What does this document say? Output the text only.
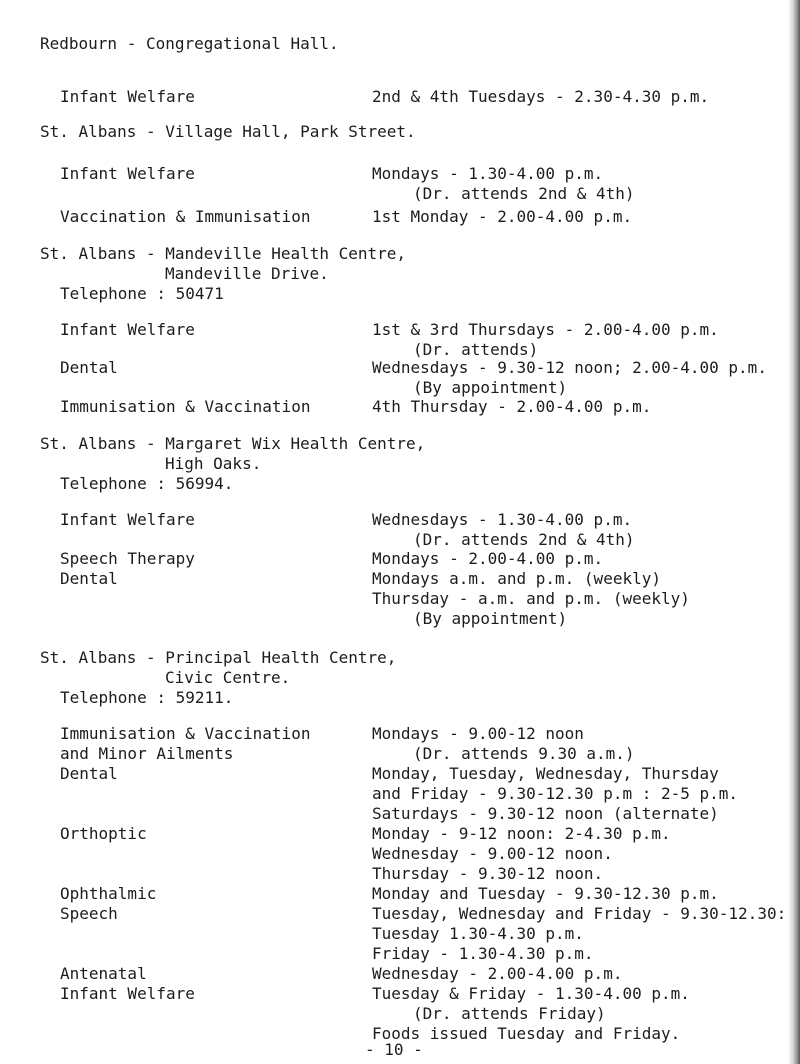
Redbourn - Congregational Hall.
Infant Welfare	2nd & 4th Tuesdays - 2.30-4.30 p.m.
St. Albans - Village Hall, Park Street.
Infant Welfare	Mondays - 1.30-4.00 p.m.
(Dr. attends 2nd & 4th)
Vaccination & Immunisation	1st Monday - 2.00-4.00 p.m.
St. Albans - Mandeville Health Centre,
Mandeville Drive.
Telephone : 50471
Infant Welfare	1st & 3rd Thursdays - 2.00-4.00 p.m.
(Dr. attends)
Dental	Wednesdays - 9.30-12 noon; 2.00-4.00 p.m.
(By appointment)
Immunisation & Vaccination	4th Thursday - 2.00-4.00 p.m.
St. Albans - Margaret Wix Health Centre,
High Oaks.
Telephone : 56994.
Infant Welfare	Wednesdays - 1.30-4.00 p.m.
(Dr. attends 2nd & 4th)
Speech Therapy	Mondays - 2.00-4.00 p.m.
Dental	Mondays a.m. and p.m. (weekly)
Thursday - a.m. and p.m. (weekly)
(By appointment)
St. Albans - Principal Health Centre,
Civic Centre.
Telephone : 59211.
Immunisation & Vaccination	Mondays - 9.00-12 noon
and Minor Ailments	(Dr. attends 9.30 a.m.)
Dental	Monday, Tuesday, Wednesday, Thursday
and Friday - 9.30-12.30 p.m : 2-5 p.m.
Saturdays - 9.30-12 noon (alternate)
Orthoptic	Monday - 9-12 noon: 2-4.30 p.m.
Wednesday - 9.00-12 noon.
Thursday - 9.30-12 noon.
Ophthalmic	Monday and Tuesday - 9.30-12.30 p.m.
Speech	Tuesday, Wednesday and Friday - 9.30-12.30:
Tuesday 1.30-4.30 p.m.
Friday - 1.30-4.30 p.m.
Antenatal	Wednesday - 2.00-4.00 p.m.
Infant Welfare	Tuesday & Friday - 1.30-4.00 p.m.
(Dr. attends Friday)
Foods issued Tuesday and Friday.
- 10 -
